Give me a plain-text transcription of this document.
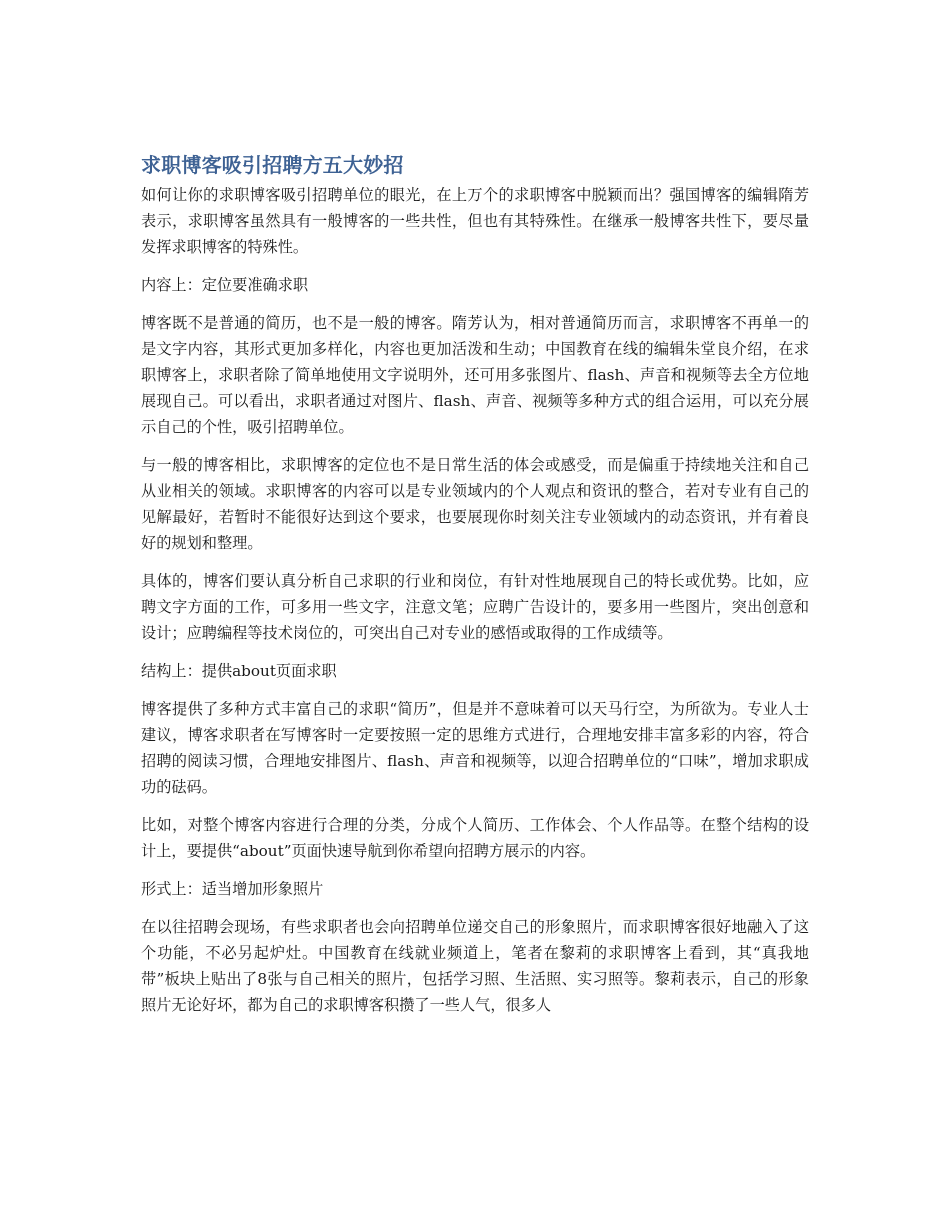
求职博客吸引招聘方五大妙招

如何让你的求职博客吸引招聘单位的眼光，在上万个的求职博客中脱颖而出？强国博客的编辑隋芳表示，求职博客虽然具有一般博客的一些共性，但也有其特殊性。在继承一般博客共性下，要尽量发挥求职博客的特殊性。

内容上：定位要准确求职

博客既不是普通的简历，也不是一般的博客。隋芳认为，相对普通简历而言，求职博客不再单一的是文字内容，其形式更加多样化，内容也更加活泼和生动；中国教育在线的编辑朱堂良介绍，在求职博客上，求职者除了简单地使用文字说明外，还可用多张图片、flash、声音和视频等去全方位地展现自己。可以看出，求职者通过对图片、flash、声音、视频等多种方式的组合运用，可以充分展示自己的个性，吸引招聘单位。

与一般的博客相比，求职博客的定位也不是日常生活的体会或感受，而是偏重于持续地关注和自己从业相关的领域。求职博客的内容可以是专业领域内的个人观点和资讯的整合，若对专业有自己的见解最好，若暂时不能很好达到这个要求，也要展现你时刻关注专业领域内的动态资讯，并有着良好的规划和整理。

具体的，博客们要认真分析自己求职的行业和岗位，有针对性地展现自己的特长或优势。比如，应聘文字方面的工作，可多用一些文字，注意文笔；应聘广告设计的，要多用一些图片，突出创意和设计；应聘编程等技术岗位的，可突出自己对专业的感悟或取得的工作成绩等。

结构上：提供about页面求职

博客提供了多种方式丰富自己的求职“简历”，但是并不意味着可以天马行空，为所欲为。专业人士建议，博客求职者在写博客时一定要按照一定的思维方式进行，合理地安排丰富多彩的内容，符合招聘的阅读习惯，合理地安排图片、flash、声音和视频等，以迎合招聘单位的“口味”，增加求职成功的砝码。

比如，对整个博客内容进行合理的分类，分成个人简历、工作体会、个人作品等。在整个结构的设计上，要提供“about”页面快速导航到你希望向招聘方展示的内容。

形式上：适当增加形象照片

在以往招聘会现场，有些求职者也会向招聘单位递交自己的形象照片，而求职博客很好地融入了这个功能，不必另起炉灶。中国教育在线就业频道上，笔者在黎莉的求职博客上看到，其“真我地带”板块上贴出了8张与自己相关的照片，包括学习照、生活照、实习照等。黎莉表示，自己的形象照片无论好坏，都为自己的求职博客积攒了一些人气，很多人
